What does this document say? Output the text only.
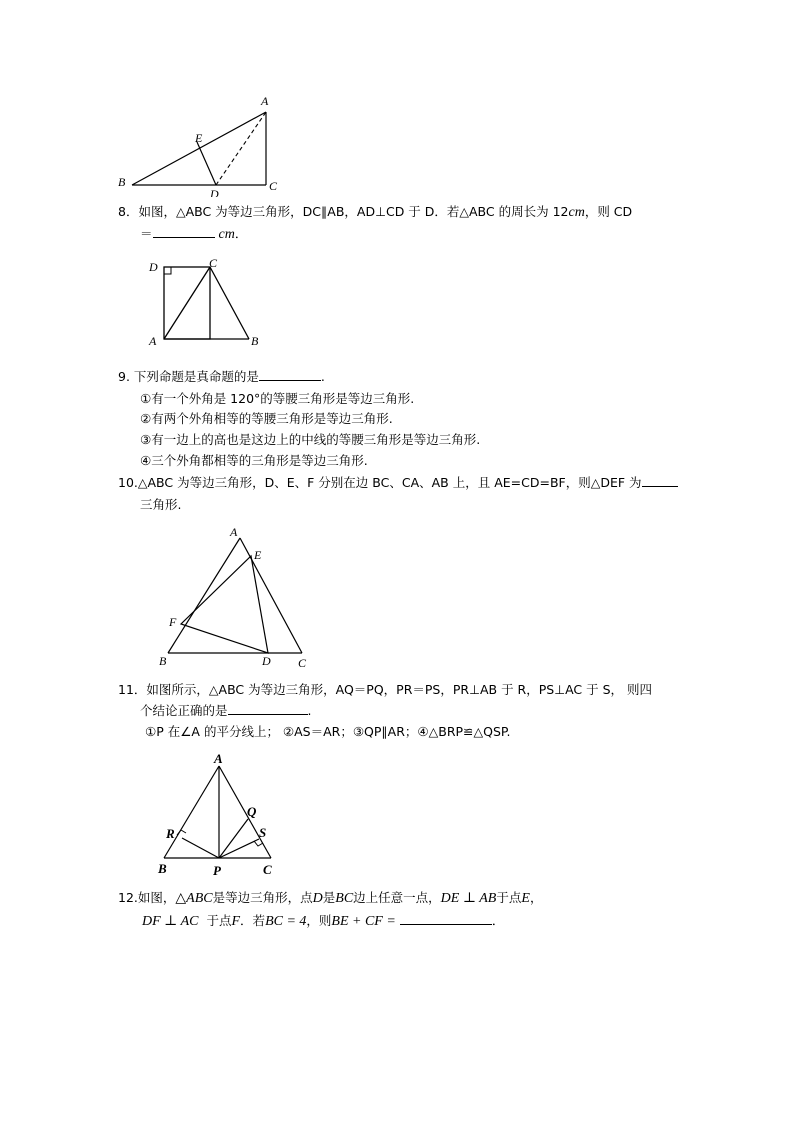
A
B	C
D
E
8．如图，△ABC 为等边三角形，DC∥AB，AD⊥CD 于 D．若△ABC 的周长为 12cm，则 CD
＝	cm．
D	C
A	B
9. 下列命题是真命题的是	.
①有一个外角是 120°的等腰三角形是等边三角形.
②有两个外角相等的等腰三角形是等边三角形.
③有一边上的高也是这边上的中线的等腰三角形是等边三角形.
④三个外角都相等的三角形是等边三角形.
10.△ABC 为等边三角形，D、E、F 分别在边 BC、CA、AB 上，且 AE=CD=BF，则△DEF 为
三角形.
A
E
F
B	D C
11．如图所示，△ABC 为等边三角形，AQ＝PQ，PR＝PS，PR⊥AB 于 R，PS⊥AC 于 S， 则四
个结论正确的是	.
①P 在∠A 的平分线上； ②AS＝AR；③QP∥AR；④△BRP≌△QSP.
A
Q
R	S
B	P	C
12.如图，△ABC是等边三角形，点D是BC边上任意一点，DE ⊥ AB于点E，
DF ⊥ AC 于点F．若BC = 4，则BE + CF =	．
